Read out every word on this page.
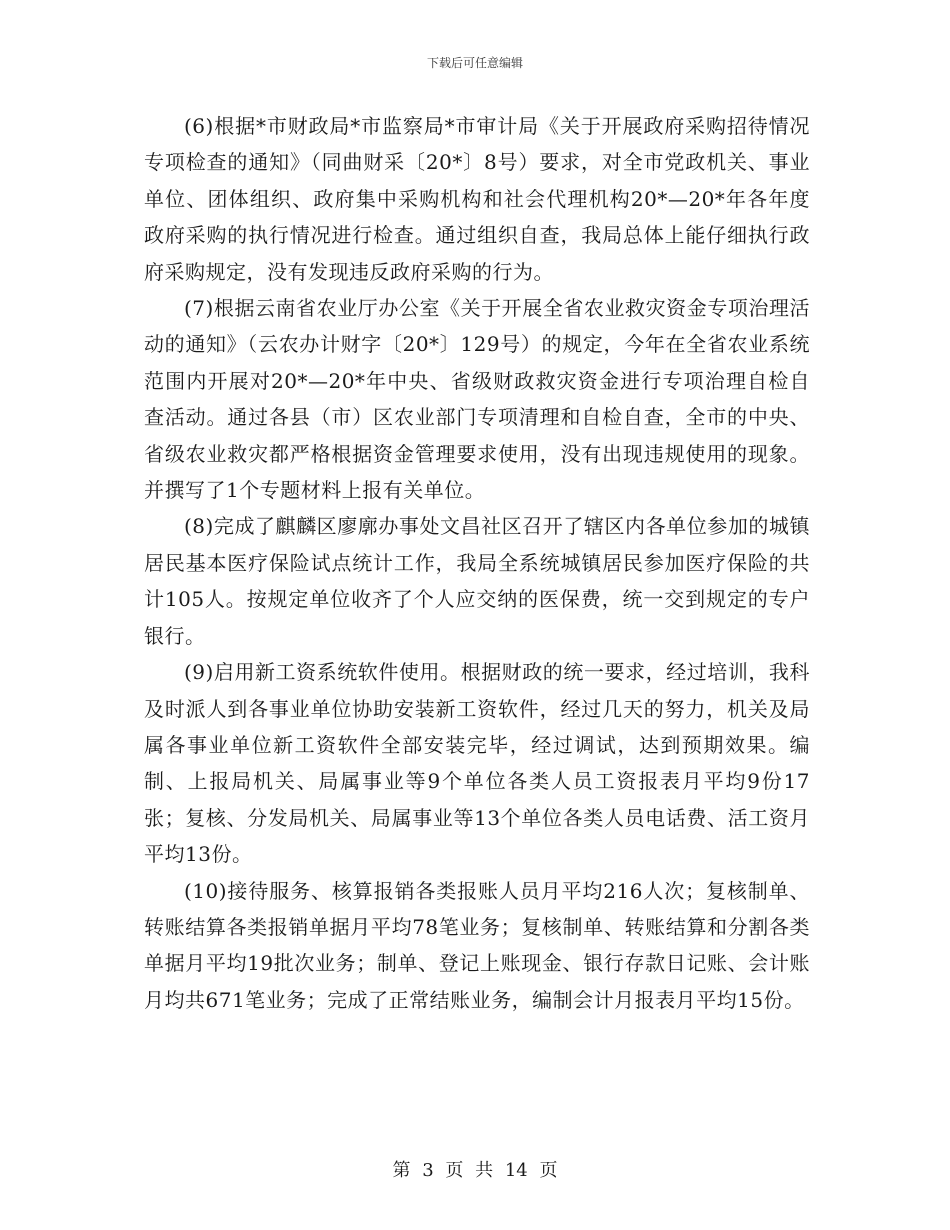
下载后可任意编辑

(6)根据*市财政局*市监察局*市审计局《关于开展政府采购招待情况专项检查的通知》（同曲财采〔20*〕8号）要求，对全市党政机关、事业单位、团体组织、政府集中采购机构和社会代理机构20*—20*年各年度政府采购的执行情况进行检查。通过组织自查，我局总体上能仔细执行政府采购规定，没有发现违反政府采购的行为。

(7)根据云南省农业厅办公室《关于开展全省农业救灾资金专项治理活动的通知》（云农办计财字〔20*〕129号）的规定，今年在全省农业系统范围内开展对20*—20*年中央、省级财政救灾资金进行专项治理自检自查活动。通过各县（市）区农业部门专项清理和自检自查，全市的中央、省级农业救灾都严格根据资金管理要求使用，没有出现违规使用的现象。并撰写了1个专题材料上报有关单位。

(8)完成了麒麟区廖廓办事处文昌社区召开了辖区内各单位参加的城镇居民基本医疗保险试点统计工作，我局全系统城镇居民参加医疗保险的共计105人。按规定单位收齐了个人应交纳的医保费，统一交到规定的专户银行。

(9)启用新工资系统软件使用。根据财政的统一要求，经过培训，我科及时派人到各事业单位协助安装新工资软件，经过几天的努力，机关及局属各事业单位新工资软件全部安装完毕，经过调试，达到预期效果。编制、上报局机关、局属事业等9个单位各类人员工资报表月平均9份17张；复核、分发局机关、局属事业等13个单位各类人员电话费、活工资月平均13份。

(10)接待服务、核算报销各类报账人员月平均216人次；复核制单、转账结算各类报销单据月平均78笔业务；复核制单、转账结算和分割各类单据月平均19批次业务；制单、登记上账现金、银行存款日记账、会计账月均共671笔业务；完成了正常结账业务，编制会计月报表月平均15份。

第 3 页 共 14 页
